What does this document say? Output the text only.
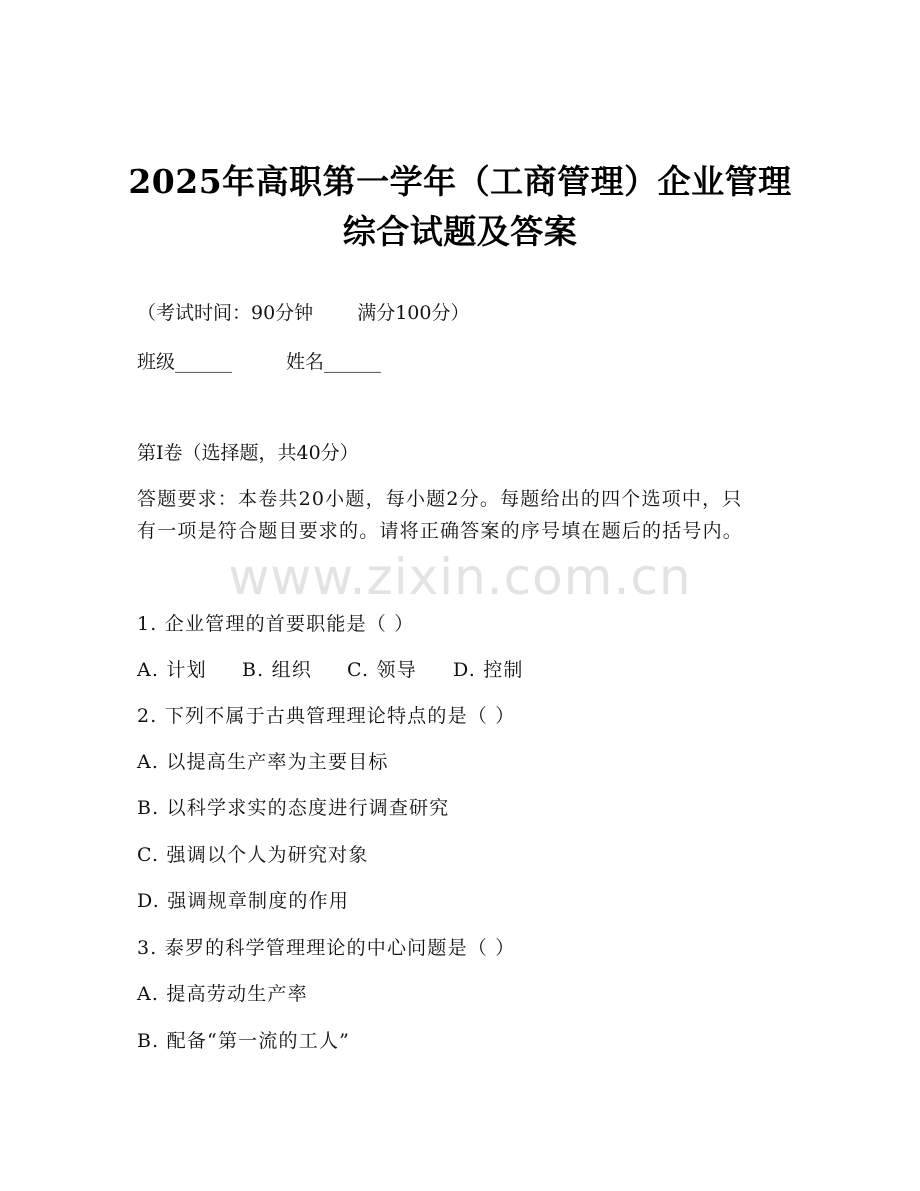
2025年高职第一学年（工商管理）企业管理
综合试题及答案
（考试时间：90分钟 满分100分）
班级______	姓名______
第Ⅰ卷（选择题，共40分）
答题要求：本卷共20小题，每小题2分。每题给出的四个选项中，只
有一项是符合题目要求的。请将正确答案的序号填在题后的括号内。
www.zixin.com.cn
1. 企业管理的首要职能是（ ）
A. 计划 B. 组织 C. 领导 D. 控制
2. 下列不属于古典管理理论特点的是（ ）
A. 以提高生产率为主要目标
B. 以科学求实的态度进行调查研究
C. 强调以个人为研究对象
D. 强调规章制度的作用
3. 泰罗的科学管理理论的中心问题是（ ）
A. 提高劳动生产率
B. 配备“第一流的工人”
